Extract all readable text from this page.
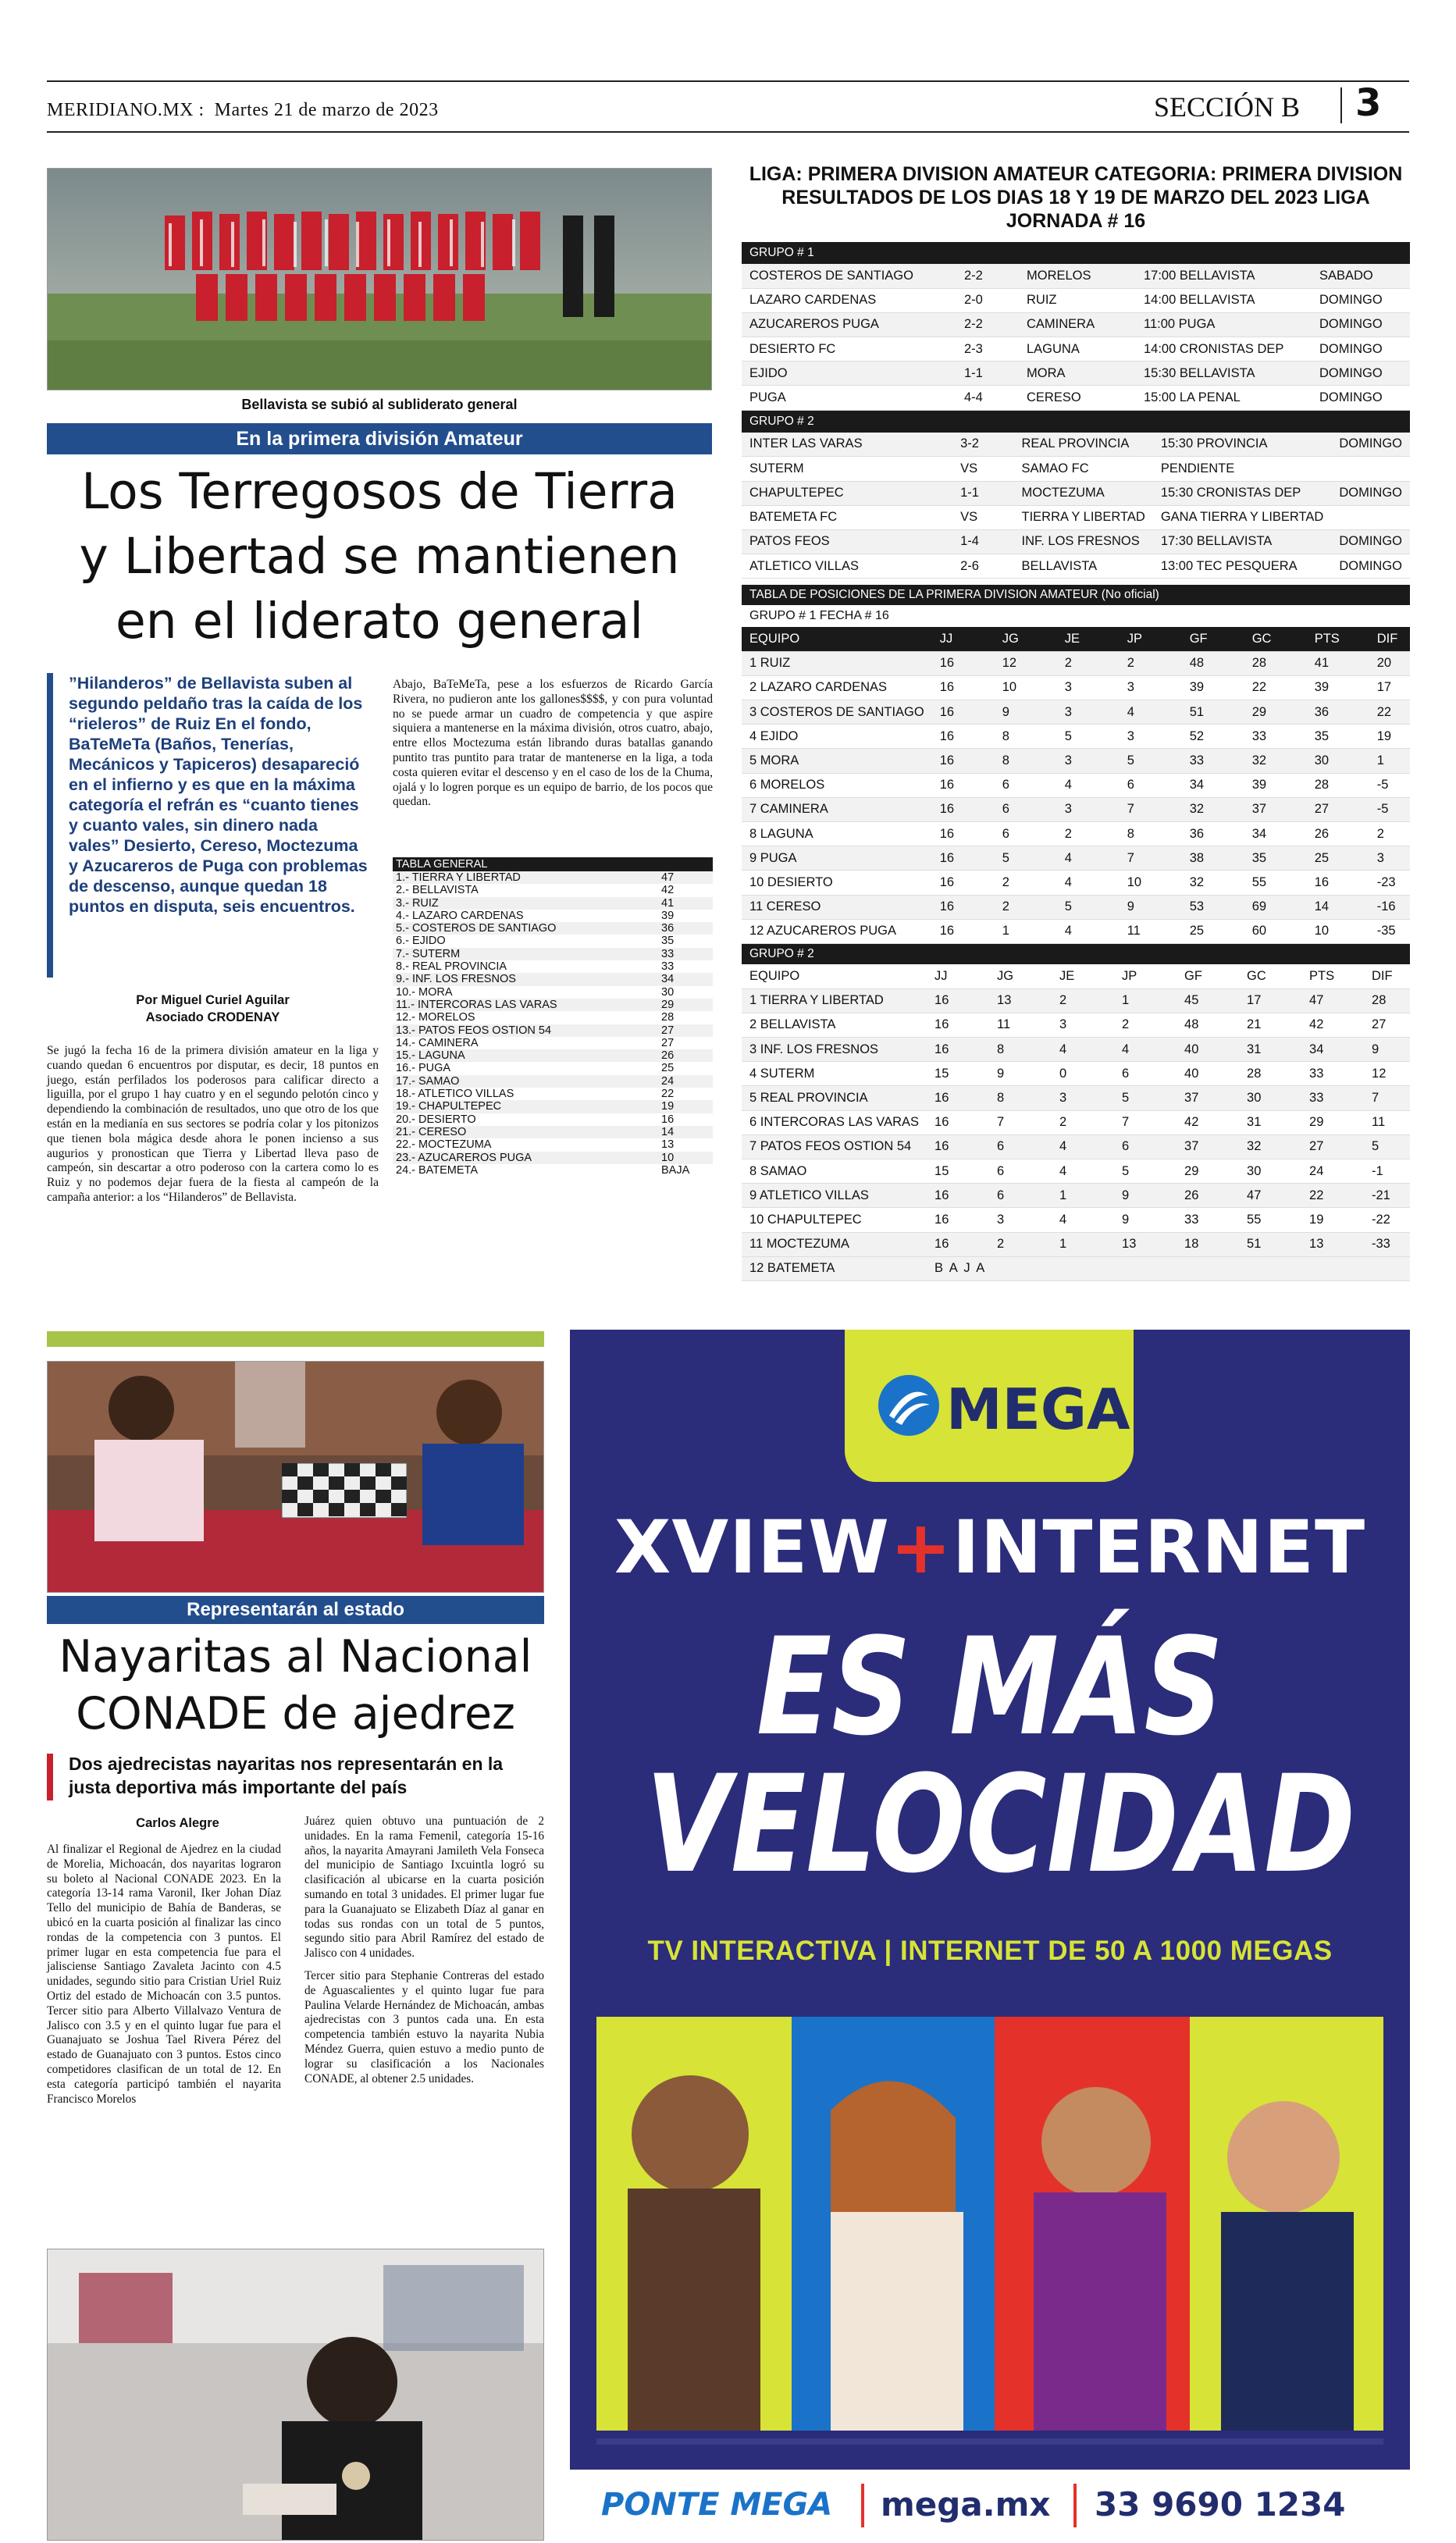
MERIDIANO.MX : Martes 21 de marzo de 2023	SECCIÓN B 3
Bellavista se subió al subliderato general
En la primera división Amateur
Los Terregosos de Tierra
y Libertad se mantienen
en el liderato general
”Hilanderos” de Bellavista suben al segundo peldaño tras la caída de los “rieleros” de Ruiz En el fondo, BaTeMeTa (Baños, Tenerías, Mecánicos y Tapiceros) desapareció en el infierno y es que en la máxima categoría el refrán es “cuanto tienes y cuanto vales, sin dinero nada vales” Desierto, Cereso, Moctezuma y Azucareros de Puga con problemas de descenso, aunque quedan 18 puntos en disputa, seis encuentros.
Por Miguel Curiel Aguilar
Asociado CRODENAY
Se jugó la fecha 16 de la primera división amateur en la liga y cuando quedan 6 encuentros por disputar, es decir, 18 puntos en juego, están perfilados los poderosos para calificar directo a liguilla, por el grupo 1 hay cuatro y en el segundo pelotón cinco y dependiendo la combinación de resultados, uno que otro de los que están en la medianía en sus sectores se podría colar y los pitonizos que tienen bola mágica desde ahora le ponen incienso a sus augurios y pronostican que Tierra y Libertad lleva paso de campeón, sin descartar a otro poderoso con la cartera como lo es Ruiz y no podemos dejar fuera de la fiesta al campeón de la campaña anterior: a los “Hilanderos” de Bellavista.
Abajo, BaTeMeTa, pese a los esfuerzos de Ricardo García Rivera, no pudieron ante los gallones$$$$, y con pura voluntad no se puede armar un cuadro de competencia y que aspire siquiera a mantenerse en la máxima división, otros cuatro, abajo, entre ellos Moctezuma están librando duras batallas ganando puntito tras puntito para tratar de mantenerse en la liga, a toda costa quieren evitar el descenso y en el caso de los de la Chuma, ojalá y lo logren porque es un equipo de barrio, de los pocos que quedan.
TABLA GENERAL
1.- TIERRA Y LIBERTAD	47
2.- BELLAVISTA	42
3.- RUIZ	41
4.- LAZARO CARDENAS	39
5.- COSTEROS DE SANTIAGO	36
6.- EJIDO	35
7.- SUTERM	33
8.- REAL PROVINCIA	33
9.- INF. LOS FRESNOS	34
10.- MORA	30
11.- INTERCORAS LAS VARAS	29
12.- MORELOS	28
13.- PATOS FEOS OSTION 54	27
14.- CAMINERA	27
15.- LAGUNA	26
16.- PUGA	25
17.- SAMAO	24
18.- ATLETICO VILLAS	22
19.- CHAPULTEPEC	19
20.- DESIERTO	16
21.- CERESO	14
22.- MOCTEZUMA	13
23.- AZUCAREROS PUGA	10
24.- BATEMETA	BAJA
LIGA: PRIMERA DIVISION AMATEUR CATEGORIA: PRIMERA DIVISION RESULTADOS DE LOS DIAS 18 Y 19 DE MARZO DEL 2023 LIGA JORNADA # 16
GRUPO # 1
COSTEROS DE SANTIAGO	2-2	MORELOS	17:00 BELLAVISTA	SABADO
LAZARO CARDENAS	2-0	RUIZ	14:00 BELLAVISTA	DOMINGO
AZUCAREROS PUGA	2-2	CAMINERA	11:00 PUGA	DOMINGO
DESIERTO FC	2-3	LAGUNA	14:00 CRONISTAS DEP	DOMINGO
EJIDO	1-1	MORA	15:30 BELLAVISTA	DOMINGO
PUGA	4-4	CERESO	15:00 LA PENAL	DOMINGO
GRUPO # 2
INTER LAS VARAS	3-2	REAL PROVINCIA	15:30 PROVINCIA	DOMINGO
SUTERM	VS	SAMAO FC	PENDIENTE	
CHAPULTEPEC	1-1	MOCTEZUMA	15:30 CRONISTAS DEP	DOMINGO
BATEMETA FC	VS	TIERRA Y LIBERTAD	GANA TIERRA Y LIBERTAD	
PATOS FEOS	1-4	INF. LOS FRESNOS	17:30 BELLAVISTA	DOMINGO
ATLETICO VILLAS	2-6	BELLAVISTA	13:00 TEC PESQUERA	DOMINGO
TABLA DE POSICIONES DE LA PRIMERA DIVISION AMATEUR (No oficial)
GRUPO # 1 FECHA # 16
EQUIPO	JJ	JG	JE	JP	GF	GC	PTS	DIF
1 RUIZ	16	12	2	2	48	28	41	20
2 LAZARO CARDENAS	16	10	3	3	39	22	39	17
3 COSTEROS DE SANTIAGO	16	9	3	4	51	29	36	22
4 EJIDO	16	8	5	3	52	33	35	19
5 MORA	16	8	3	5	33	32	30	1
6 MORELOS	16	6	4	6	34	39	28	-5
7 CAMINERA	16	6	3	7	32	37	27	-5
8 LAGUNA	16	6	2	8	36	34	26	2
9 PUGA	16	5	4	7	38	35	25	3
10 DESIERTO	16	2	4	10	32	55	16	-23
11 CERESO	16	2	5	9	53	69	14	-16
12 AZUCAREROS PUGA	16	1	4	11	25	60	10	-35
GRUPO # 2
EQUIPO	JJ	JG	JE	JP	GF	GC	PTS	DIF
1 TIERRA Y LIBERTAD	16	13	2	1	45	17	47	28
2 BELLAVISTA	16	11	3	2	48	21	42	27
3 INF. LOS FRESNOS	16	8	4	4	40	31	34	9
4 SUTERM	15	9	0	6	40	28	33	12
5 REAL PROVINCIA	16	8	3	5	37	30	33	7
6 INTERCORAS LAS VARAS	16	7	2	7	42	31	29	11
7 PATOS FEOS OSTION 54	16	6	4	6	37	32	27	5
8 SAMAO	15	6	4	5	29	30	24	-1
9 ATLETICO VILLAS	16	6	1	9	26	47	22	-21
10 CHAPULTEPEC	16	3	4	9	33	55	19	-22
11 MOCTEZUMA	16	2	1	13	18	51	13	-33
12 BATEMETA	B A J A							
Representarán al estado
Nayaritas al Nacional
CONADE de ajedrez
Dos ajedrecistas nayaritas nos representarán en la justa deportiva más importante del país
Carlos Alegre
Al finalizar el Regional de Ajedrez en la ciudad de Morelia, Michoacán, dos nayaritas lograron su boleto al Nacional CONADE 2023. En la categoría 13-14 rama Varonil, Iker Johan Díaz Tello del municipio de Bahía de Banderas, se ubicó en la cuarta posición al finalizar las cinco rondas de la competencia con 3 puntos. El primer lugar en esta competencia fue para el jalisciense Santiago Zavaleta Jacinto con 4.5 unidades, segundo sitio para Cristian Uriel Ruiz Ortiz del estado de Michoacán con 3.5 puntos. Tercer sitio para Alberto Villalvazo Ventura de Jalisco con 3.5 y en el quinto lugar fue para el Guanajuato se Joshua Tael Rivera Pérez del estado de Guanajuato con 3 puntos. Estos cinco competidores clasifican de un total de 12. En esta categoría participó también el nayarita Francisco Morelos
Juárez quien obtuvo una puntuación de 2 unidades. En la rama Femenil, categoría 15-16 años, la nayarita Amayrani Jamileth Vela Fonseca del municipio de Santiago Ixcuintla logró su clasificación al ubicarse en la cuarta posición sumando en total 3 unidades. El primer lugar fue para la Guanajuato se Elizabeth Díaz al ganar en todas sus rondas con un total de 5 puntos, segundo sitio para Abril Ramírez del estado de Jalisco con 4 unidades.
Tercer sitio para Stephanie Contreras del estado de Aguascalientes y el quinto lugar fue para Paulina Velarde Hernández de Michoacán, ambas ajedrecistas con 3 puntos cada una. En esta competencia también estuvo la nayarita Nubia Méndez Guerra, quien estuvo a medio punto de lograr su clasificación a los Nacionales CONADE, al obtener 2.5 unidades.
MEGA
XVIEW+INTERNET
ES MÁS
VELOCIDAD
TV INTERACTIVA | INTERNET DE 50 A 1000 MEGAS
PONTE MEGA mega.mx 33 9690 1234
